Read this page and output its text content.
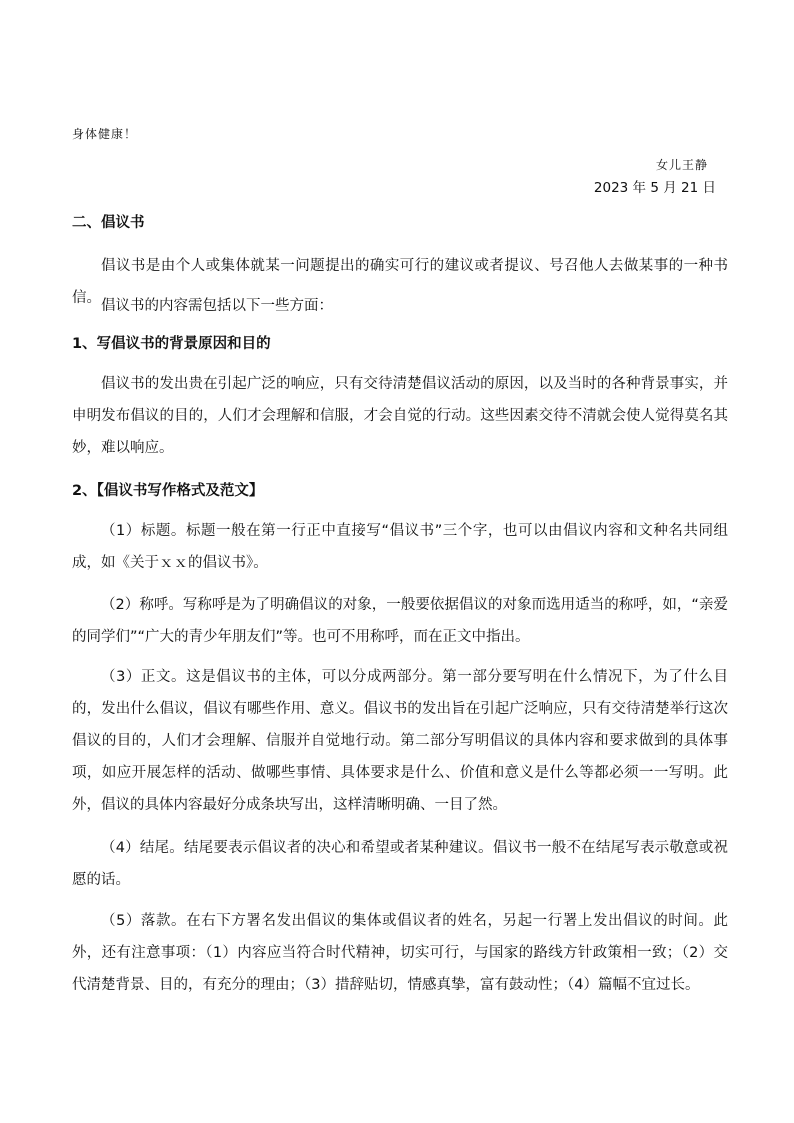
身体健康！
女儿王静
2023 年 5 月 21 日
二、倡议书
倡议书是由个人或集体就某一问题提出的确实可行的建议或者提议、号召他人去做某事的一种书信。 倡议书的内容需包括以下一些方面：
1、写倡议书的背景原因和目的
倡议书的发出贵在引起广泛的响应，只有交待清楚倡议活动的原因，以及当时的各种背景事实，并申明发布倡议的目的，人们才会理解和信服，才会自觉的行动。这些因素交待不清就会使人觉得莫名其妙，难以响应。
2、【倡议书写作格式及范文】
（1）标题。标题一般在第一行正中直接写“倡议书”三个字，也可以由倡议内容和文种名共同组成，如《关于ｘｘ的倡议书》。
（2）称呼。写称呼是为了明确倡议的对象，一般要依据倡议的对象而选用适当的称呼，如，“亲爱的同学们”“广大的青少年朋友们”等。也可不用称呼，而在正文中指出。
（3）正文。这是倡议书的主体，可以分成两部分。第一部分要写明在什么情况下，为了什么目的，发出什么倡议，倡议有哪些作用、意义。倡议书的发出旨在引起广泛响应，只有交待清楚举行这次倡议的目的，人们才会理解、信服并自觉地行动。第二部分写明倡议的具体内容和要求做到的具体事项，如应开展怎样的活动、做哪些事情、具体要求是什么、价值和意义是什么等都必须一一写明。此外，倡议的具体内容最好分成条块写出，这样清晰明确、一目了然。
（4）结尾。结尾要表示倡议者的决心和希望或者某种建议。倡议书一般不在结尾写表示敬意或祝愿的话。
（5）落款。在右下方署名发出倡议的集体或倡议者的姓名，另起一行署上发出倡议的时间。此外，还有注意事项：（1）内容应当符合时代精神，切实可行，与国家的路线方针政策相一致；（2）交代清楚背景、目的，有充分的理由；（3）措辞贴切，情感真挚，富有鼓动性；（4）篇幅不宜过长。
